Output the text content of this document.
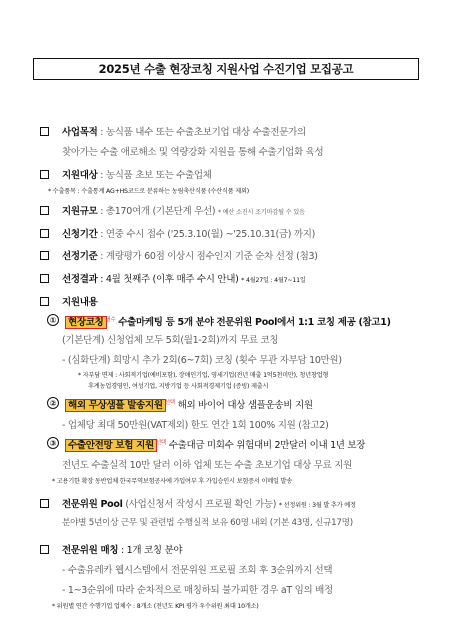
2025년 수출 현장코칭 지원사업 수진기업 모집공고
사업목적 : 농식품 내수 또는 수출초보기업 대상 수출전문가의
찾아가는 수출 애로해소 및 역량강화 지원을 통해 수출기업화 육성
지원대상 : 농식품 초보 또는 수출업체
* 수출품목 : 수출통계 AG+HS코드로 분류하는 농림축산식품 (수산식품 제외)
지원규모 : 총170여개 (기본단계 우선) * 예산 소진시 조기마감될 수 있음
신청기간 : 연중 수시 접수 ('25.3.10(월) ~'25.10.31(금) 까지)
선정기준 : 계량평가 60점 이상시 점수인지 기준 순차 선정 (첨3)
선정결과 : 4월 첫째주 (이후 매주 수시 안내) * 4월27일 : 4월7~11일
지원내용
① 현장코칭 $^{필수}$ 수출마케팅 등 5개 분야 전문위원 Pool에서 1:1 코칭 제공 (참고1)
(기본단계) 신청업체 모두 5회(월1-2회)까지 무료 코칭
- (심화단계) 희망시 추가 2회(6~7회) 코칭 (횟수 무관 자부담 10만원)
* 자부담 면제 : 사회적기업(예비포함), 장애인기업, 영세기업(전년 매출 1억5천미만), 청년창업형
후계농업경영인, 여성기업, 지방기업 등 사회적경제기업 (증빙) 제출시
② 해외 무상샘플 발송지원 $^{선택}$ 해외 바이어 대상 샘플운송비 지원
- 업체당 최대 50만원(VAT제외) 한도 연간 1회 100% 지원 (참고2)
③ 수출안전망 보험 지원 $^{선택}$ 수출대금 미회수 위험대비 2만달러 이내 1년 보장
전년도 수출실적 10만 달러 이하 업체 또는 수출 초보기업 대상 무료 지원
* 고용기한 확장 동반업체 한국무역보험공사에 가입여부 후 가입승인시 보험증서 이메일 발송
전문위원 Pool (사업신청서 작성시 프로필 확인 가능) * 선정위원 : 3월 발 추가 예정
분야별 5년이상 근무 및 관련법 수행실적 보유 60명 내외 (기본 43명, 신규17명)
전문위원 매칭 : 1개 코칭 분야
- 수출유레카 웹시스템에서 전문위원 프로필 조회 후 3순위까지 선택
- 1~3순위에 따라 순차적으로 매칭하되 불가피한 경우 aT 임의 배정
* 위원별 연간 수행기업 업체수 : 8개소 (전년도 KPI 평가 우수위원 최대 10개소)
